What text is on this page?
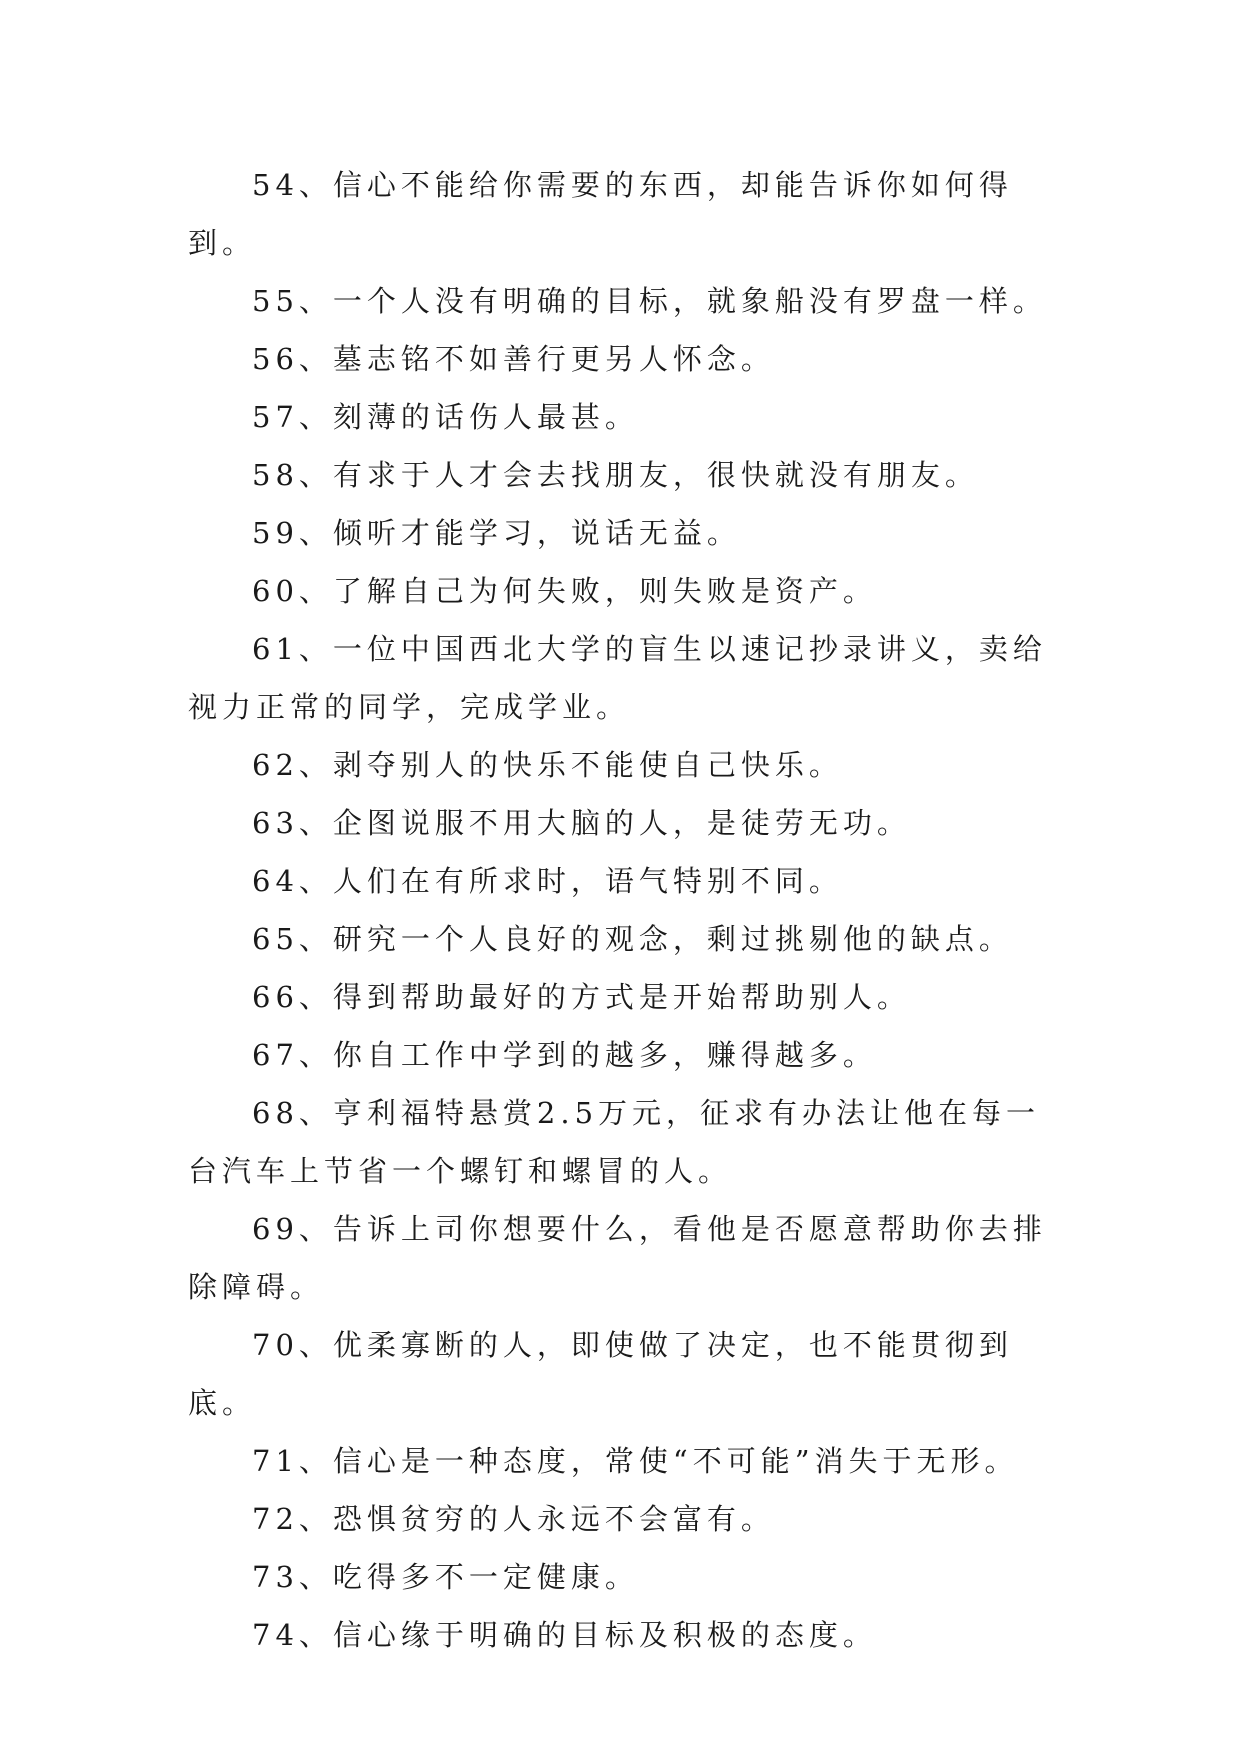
54、信心不能给你需要的东西，却能告诉你如何得到。

55、一个人没有明确的目标，就象船没有罗盘一样。

56、墓志铭不如善行更另人怀念。

57、刻薄的话伤人最甚。

58、有求于人才会去找朋友，很快就没有朋友。

59、倾听才能学习，说话无益。

60、了解自己为何失败，则失败是资产。

61、一位中国西北大学的盲生以速记抄录讲义，卖给视力正常的同学，完成学业。

62、剥夺别人的快乐不能使自己快乐。

63、企图说服不用大脑的人，是徒劳无功。

64、人们在有所求时，语气特别不同。

65、研究一个人良好的观念，剩过挑剔他的缺点。

66、得到帮助最好的方式是开始帮助别人。

67、你自工作中学到的越多，赚得越多。

68、亨利福特悬赏2.5万元，征求有办法让他在每一台汽车上节省一个螺钉和螺冒的人。

69、告诉上司你想要什么，看他是否愿意帮助你去排除障碍。

70、优柔寡断的人，即使做了决定，也不能贯彻到底。

71、信心是一种态度，常使“不可能”消失于无形。

72、恐惧贫穷的人永远不会富有。

73、吃得多不一定健康。

74、信心缘于明确的目标及积极的态度。
